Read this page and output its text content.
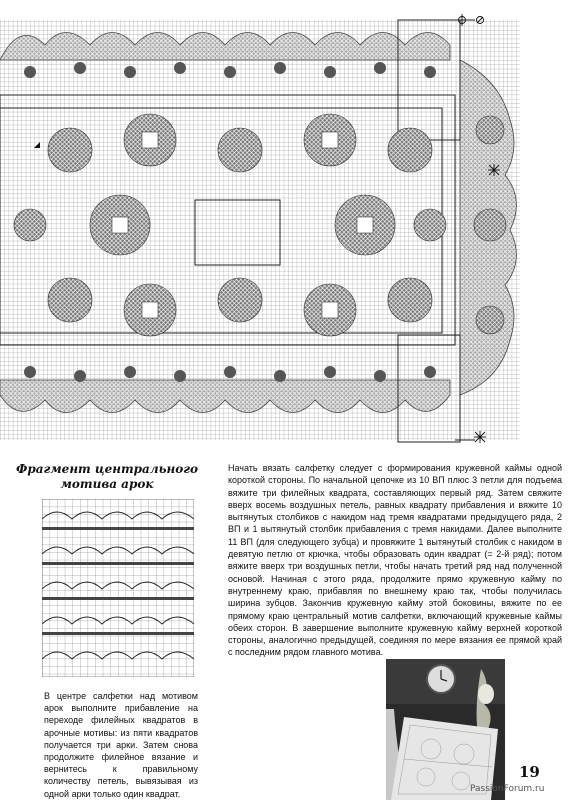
Фрагмент центрального
мотива арок
В центре салфетки над мотивом арок выполните прибавление на переходе филейных квадратов в арочные мотивы: из пяти квадратов получается три арки. Затем снова продолжите филейное вязание и вернитесь к правильному количеству петель, вывязывая из одной арки только один квадрат.

Начать вязать салфетку следует с формирования кружевной каймы одной короткой стороны. По начальной цепочке из 10 ВП плюс 3 петли для подъема вяжите три филейных квадрата, составляющих первый ряд. Затем свяжите вверх восемь воздушных петель, равных квадрату прибавления и вяжите 10 вытянутых столбиков с накидом над тремя квадратами предыдущего ряда, 2 ВП и 1 вытянутый столбик прибавления с тремя накидами. Далее выполните 11 ВП (для следующего зубца) и провяжите 1 вытянутый столбик с накидом в девятую петлю от крючка, чтобы образовать один квадрат (= 2-й ряд); потом вяжите вверх три воздушных петли, чтобы начать третий ряд над полученной основой. Начиная с этого ряда, продолжите прямо кружевную кайму по внутреннему краю, прибавляя по внешнему краю так, чтобы получилась ширина зубцов. Закончив кружевную кайму этой боковины, вяжите по ее прямому краю центральный мотив салфетки, включающий кружевные каймы обеих сторон. В завершение выполните кружевную кайму верхней короткой стороны, аналогично предыдущей, соединяя по мере вязания ее прямой край с последним рядом главного мотива.

19
PassionForum.ru
